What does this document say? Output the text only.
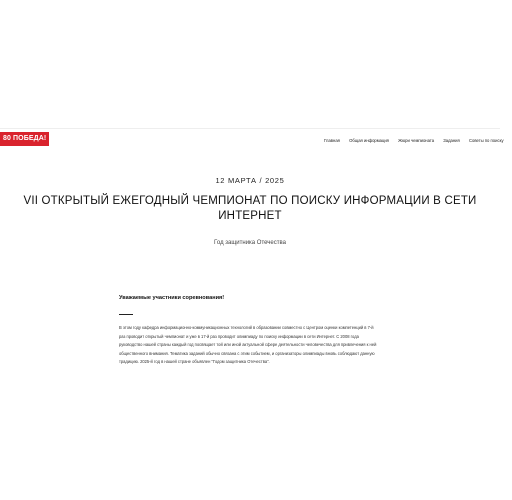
80 ПОБЕДА!	Главная Общая информация Жюри чемпионата Задания Советы по поиску
12 МАРТА / 2025
VII ОТКРЫТЫЙ ЕЖЕГОДНЫЙ ЧЕМПИОНАТ ПО ПОИСКУ ИНФОРМАЦИИ В СЕТИ ИНТЕРНЕТ
Год защитника Отечества
Уважаемые участники соревнования!

В этом году кафедра информационно-коммуникационных технологий в образовании совместно с Центром оценки компетенций в 7-й раз проводит открытый чемпионат и уже в 17-й раз проводит олимпиаду по поиску информации в сети Интернет. С 2008 года руководство нашей страны каждый год посвящает той или иной актуальной сфере деятельности человечества для привлечения к ней общественного внимания. Тематика заданий обычно связана с этим событием, и организаторы олимпиады вновь соблюдают данную традицию. 2025-й год в нашей стране объявлен "Годом защитника Отечества".
